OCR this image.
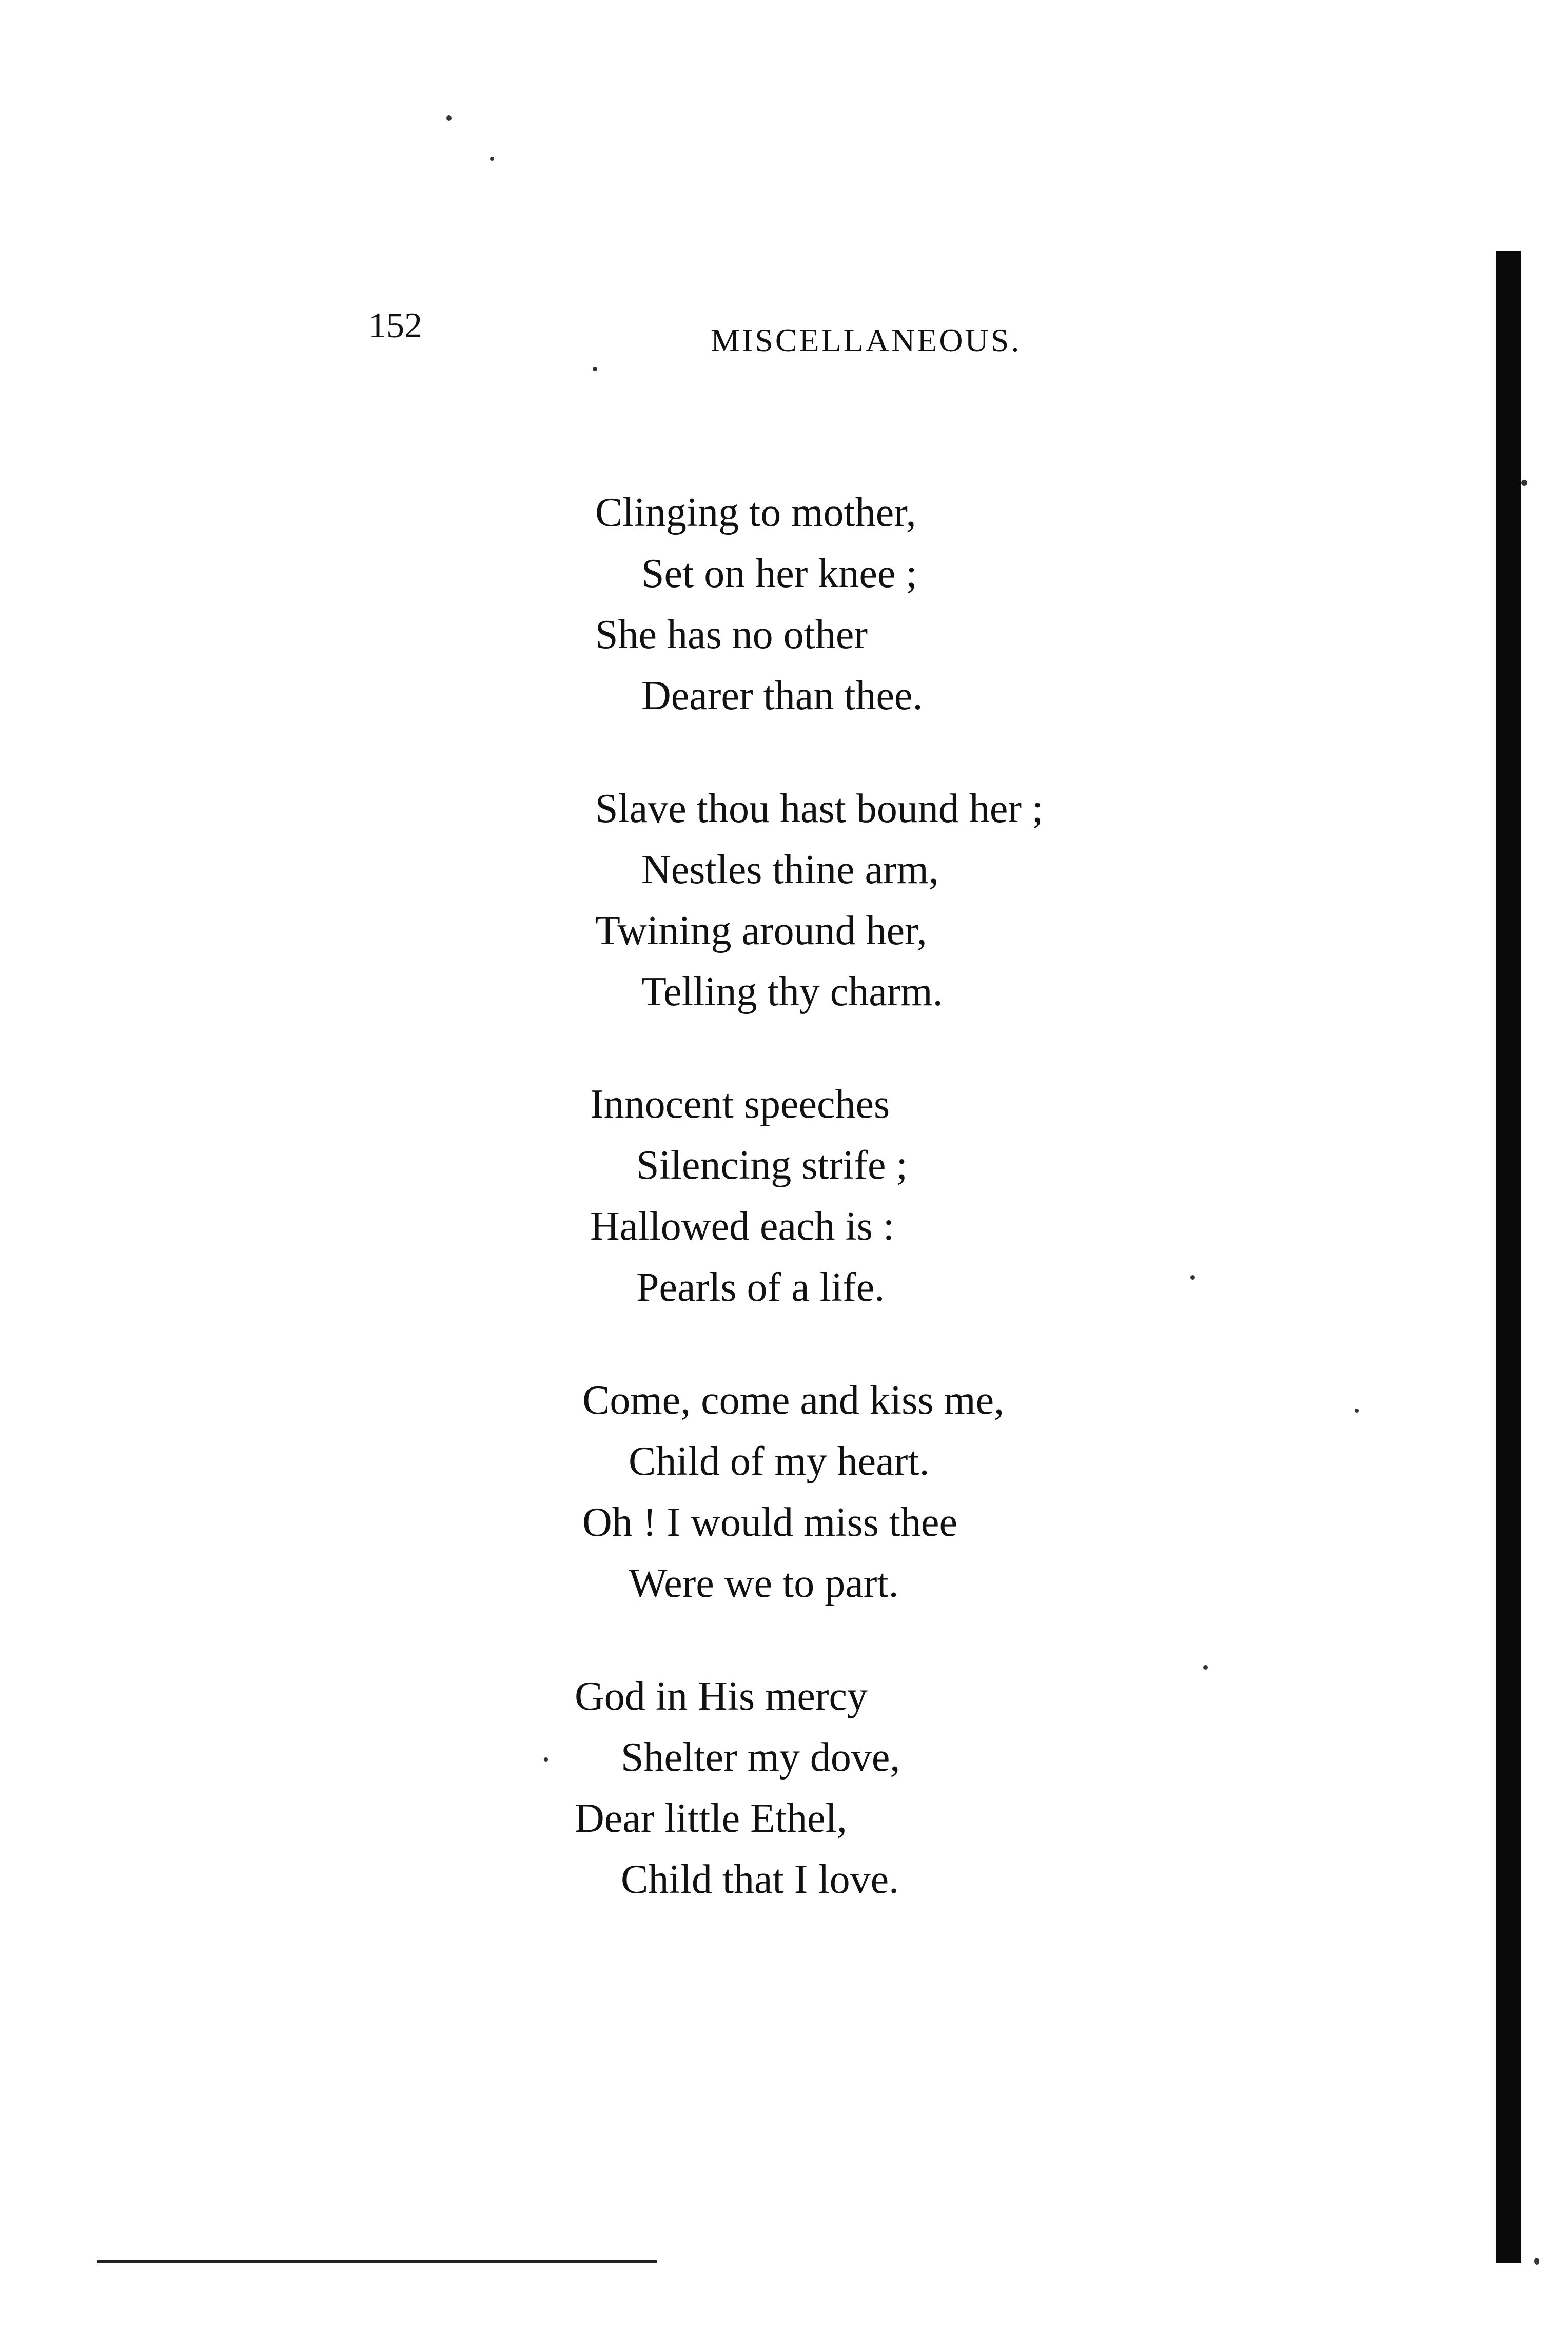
152	MISCELLANEOUS.
Clinging to mother,
Set on her knee ;
She has no other
Dearer than thee.
Slave thou hast bound her ;
Nestles thine arm,
Twining around her,
Telling thy charm.
Innocent speeches
Silencing strife ;
Hallowed each is :
Pearls of a life.
Come, come and kiss me,
Child of my heart.
Oh ! I would miss thee
Were we to part.
God in His mercy
Shelter my dove,
Dear little Ethel,
Child that I love.
